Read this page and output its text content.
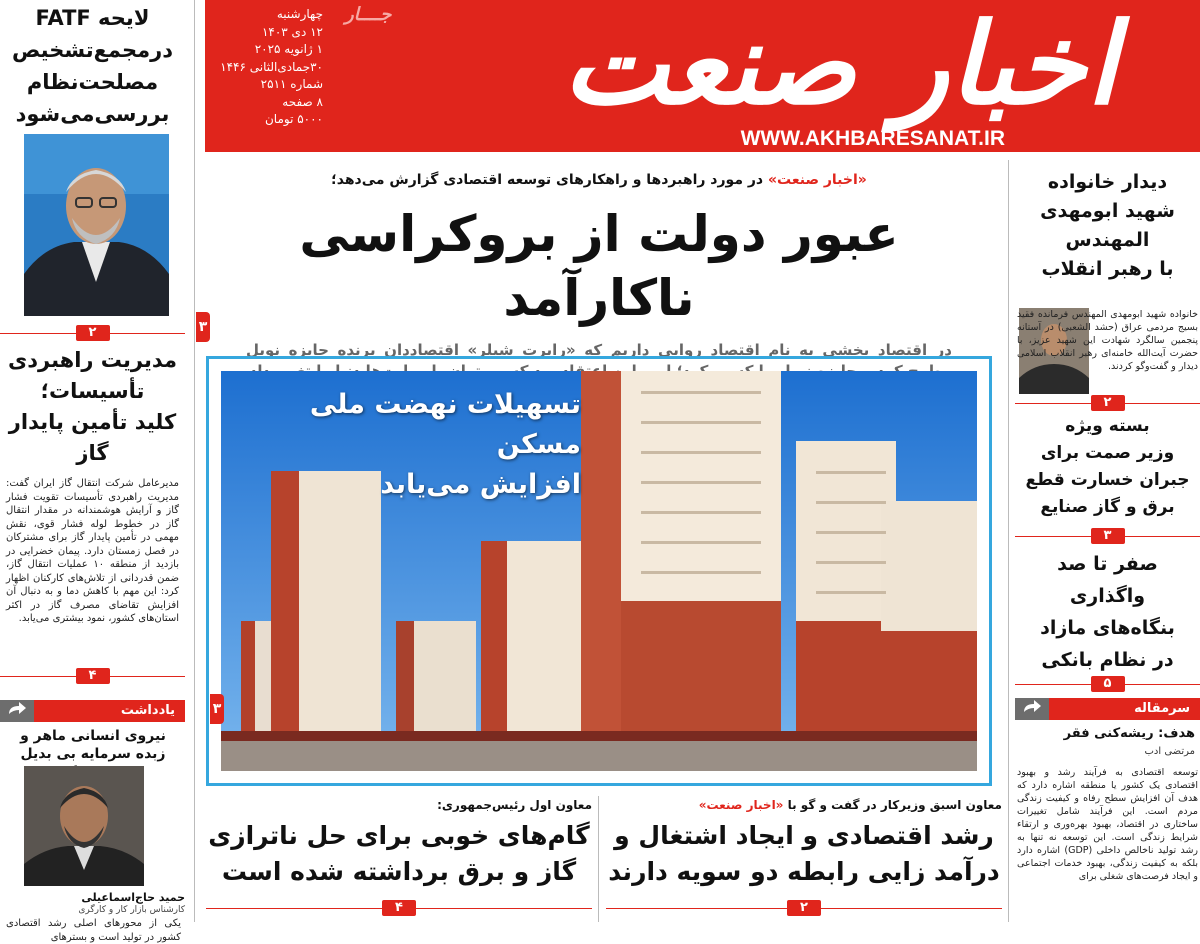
اخبار صنعت
جــــار
WWW.AKHBARESANAT.IR
چهارشنبه
۱۲ دی ۱۴۰۳
۱ ژانویه ۲۰۲۵
۳۰جمادی‌الثانی ۱۴۴۶
شماره ۲۵۱۱
۸ صفحه
۵۰۰۰ تومان
لایحه FATF
درمجمع‌تشخیص
مصلحت‌نظام
بررسی‌می‌شود
۲
مدیریت راهبردی
تأسیسات؛
کلید تأمین پایدار
گاز
مدیرعامل شرکت انتقال گاز ایران گفت: مدیریت راهبردی تأسیسات تقویت فشار گاز و آرایش هوشمندانه در مقدار انتقال گاز در خطوط لوله فشار قوی، نقش مهمی در تأمین پایدار گاز برای مشترکان در فصل زمستان دارد. پیمان خضرایی در بازدید از منطقه ۱۰ عملیات انتقال گاز، ضمن قدردانی از تلاش‌های کارکنان اظهار کرد: این مهم با کاهش دما و به دنبال آن افزایش تقاضای مصرف گاز در اکثر استان‌های کشور، نمود بیشتری می‌یابد.
۴
یادداشت
نیروی انسانی ماهر و زبده سرمایه بی بدیل
حمید حاج‌اسماعیلی
کارشناس بازار کار و کارگری
یکی از محورهای اصلی رشد اقتصادی کشور در تولید است و بسترهای
«اخبار صنعت» در مورد راهبردها و راهکارهای توسعه اقتصادی گزارش می‌دهد؛
عبور دولت از بروکراسی ناکارآمد
در اقتصاد بخشی به نام اقتصاد روایی داریم که «رابرت شیلر» اقتصاددان برنده جایزه نوبل
۳
تسهیلات نهضت ملی مسکن
افزایش می‌یابد
۳
معاون اسبق وزیرکار در گفت و گو با «اخبار صنعت»
رشد اقتصادی و ایجاد اشتغال و
درآمد زایی رابطه دو سویه دارند
۲
معاون اول رئیس‌جمهوری:
گام‌های خوبی برای حل ناترازی
گاز و برق برداشته شده است
۴
دیدار خانواده
شهید ابومهدی
المهندس
با رهبر انقلاب
خانواده شهید ابومهدی المهندس فرمانده فقید بسیج مردمی عراق (حشد الشعبی) در آستانه‌ پنجمین سالگرد شهادت این شهید عزیز، با حضرت آیت‌الله خامنه‌ای رهبر انقلاب اسلامی دیدار و گفت‌وگو کردند.
۲
بسته ویژه
وزیر صمت برای
جبران خسارت قطع
برق و گاز صنایع
۳
صفر تا صد
واگذاری
بنگاه‌های مازاد
در نظام بانکی
۵
سرمقاله
هدف: ریشه‌کنی فقر
مرتضی ادب
توسعه اقتصادی به فرآیند رشد و بهبود اقتصادی یک کشور یا منطقه اشاره دارد که هدف آن افزایش سطح رفاه و کیفیت زندگی مردم است. این فرآیند شامل تغییرات ساختاری در اقتصاد، بهبود بهره‌وری و ارتقاء شرایط زندگی است. این توسعه نه تنها به رشد تولید ناخالص داخلی (GDP) اشاره دارد بلکه به کیفیت زندگی، بهبود خدمات اجتماعی و ایجاد فرصت‌های شغلی برای
